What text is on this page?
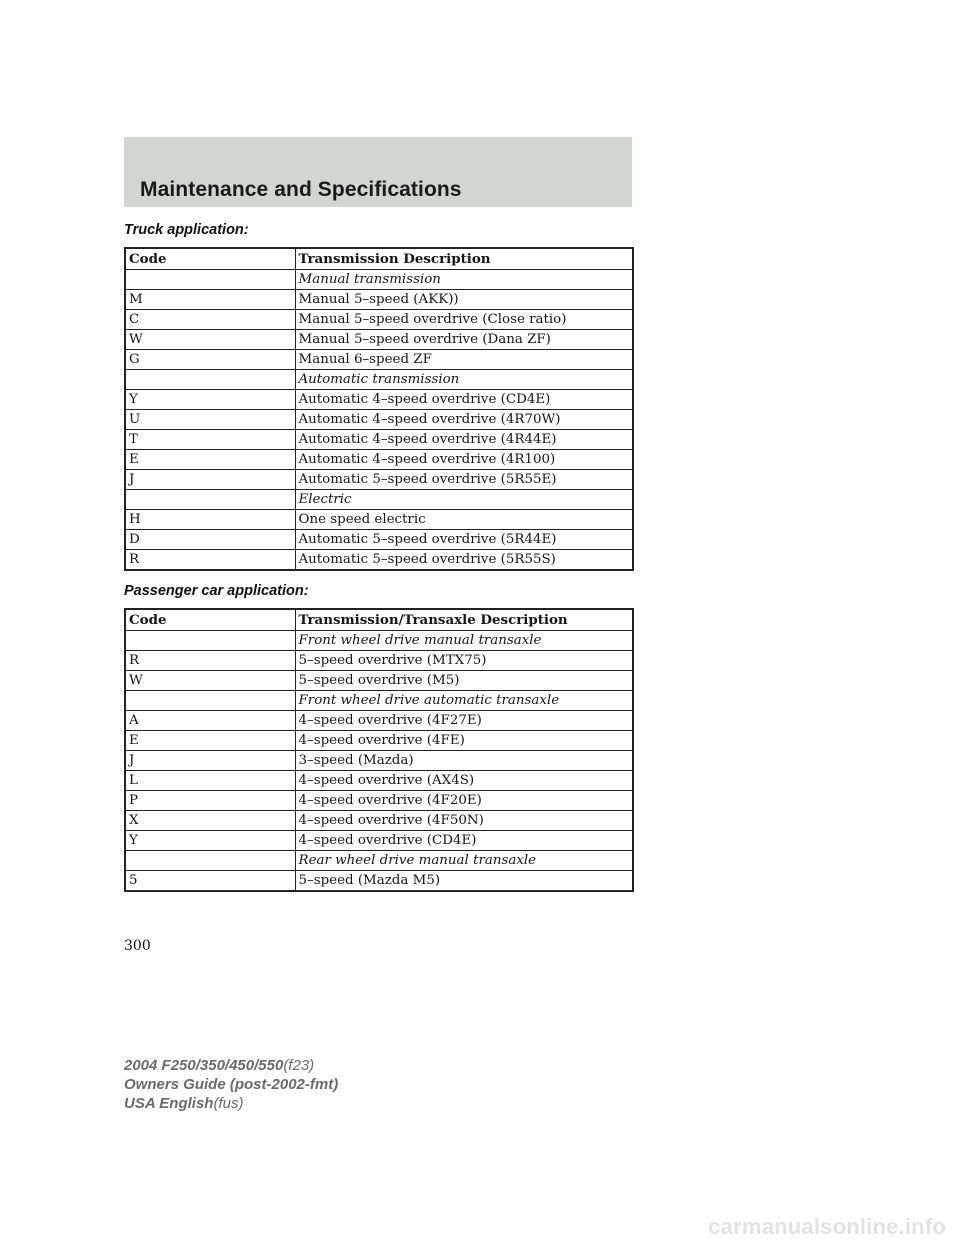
Maintenance and Specifications
Truck application:
Code	Transmission Description
	Manual transmission
M	Manual 5–speed (AKK))
C	Manual 5–speed overdrive (Close ratio)
W	Manual 5–speed overdrive (Dana ZF)
G	Manual 6–speed ZF
	Automatic transmission
Y	Automatic 4–speed overdrive (CD4E)
U	Automatic 4–speed overdrive (4R70W)
T	Automatic 4–speed overdrive (4R44E)
E	Automatic 4–speed overdrive (4R100)
J	Automatic 5–speed overdrive (5R55E)
	Electric
H	One speed electric
D	Automatic 5–speed overdrive (5R44E)
R	Automatic 5–speed overdrive (5R55S)
Passenger car application:
Code	Transmission/Transaxle Description
	Front wheel drive manual transaxle
R	5–speed overdrive (MTX75)
W	5–speed overdrive (M5)
	Front wheel drive automatic transaxle
A	4–speed overdrive (4F27E)
E	4–speed overdrive (4FE)
J	3–speed (Mazda)
L	4–speed overdrive (AX4S)
P	4–speed overdrive (4F20E)
X	4–speed overdrive (4F50N)
Y	4–speed overdrive (CD4E)
	Rear wheel drive manual transaxle
5	5–speed (Mazda M5)
300
2004 F250/350/450/550(f23)
Owners Guide (post-2002-fmt)
USA English(fus)
carmanualsonline.info
